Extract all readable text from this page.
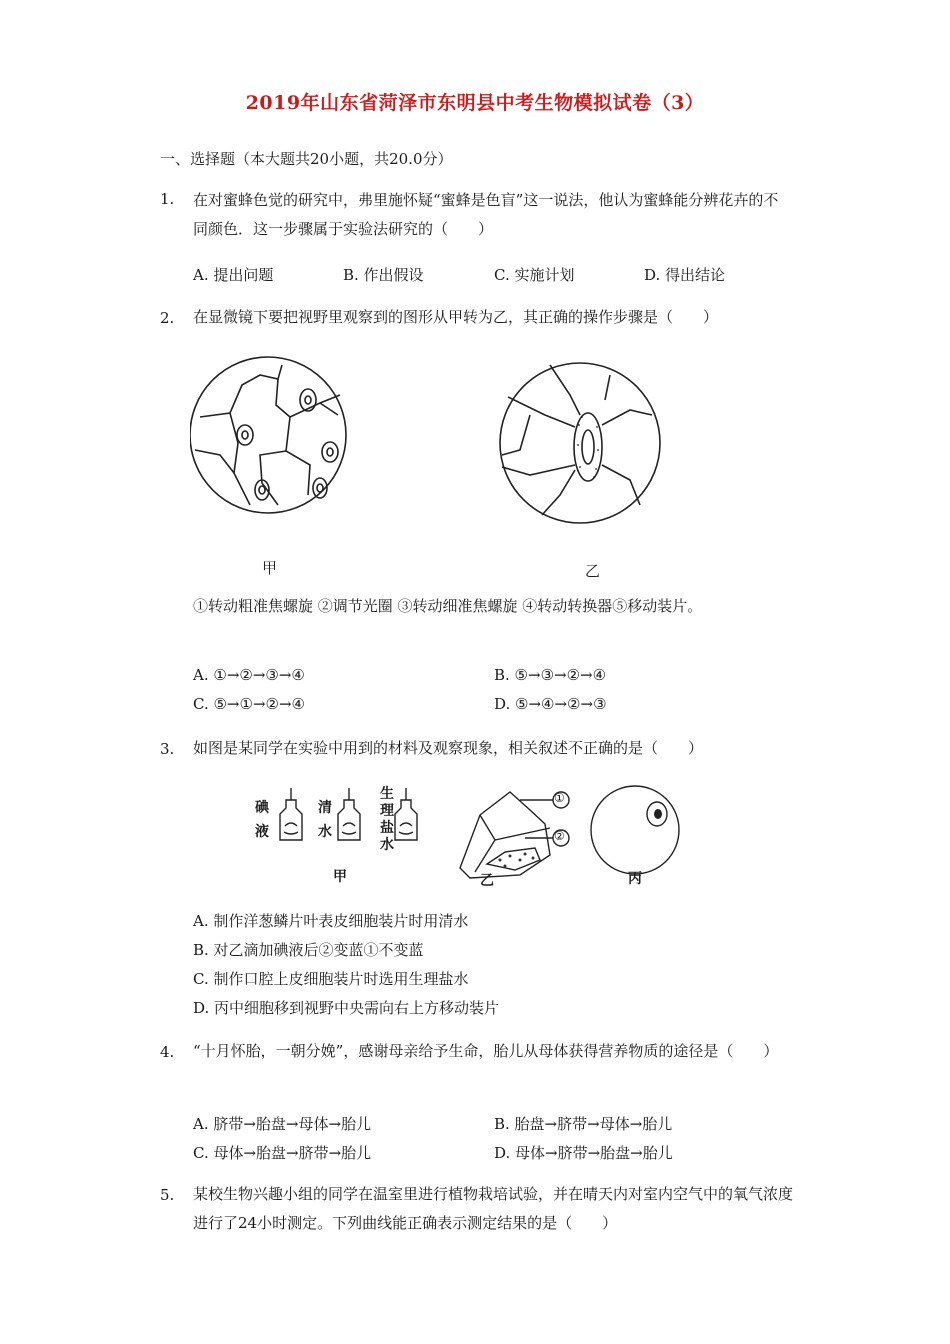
2019年山东省菏泽市东明县中考生物模拟试卷（3）
一、选择题（本大题共20小题，共20.0分）
1. 在对蜜蜂色觉的研究中，弗里施怀疑“蜜蜂是色盲”这一说法，他认为蜜蜂能分辨花卉的不同颜色．这一步骤属于实验法研究的（　　）
A. 提出问题	B. 作出假设	C. 实施计划	D. 得出结论
2. 在显微镜下要把视野里观察到的图形从甲转为乙，其正确的操作步骤是（　　）
甲	乙
①转动粗准焦螺旋 ②调节光圈 ③转动细准焦螺旋 ④转动转换器⑤移动装片。
A. ①→②→③→④	B. ⑤→③→②→④
C. ⑤→①→②→④	D. ⑤→④→②→③
3. 如图是某同学在实验中用到的材料及观察现象，相关叙述不正确的是（　　）
碘液
清水
生理盐水
①
②
甲	乙	丙
A. 制作洋葱鳞片叶表皮细胞装片时用清水
B. 对乙滴加碘液后②变蓝①不变蓝
C. 制作口腔上皮细胞装片时选用生理盐水
D. 丙中细胞移到视野中央需向右上方移动装片
4. “十月怀胎，一朝分娩”，感谢母亲给予生命，胎儿从母体获得营养物质的途径是（　　）
A. 脐带→胎盘→母体→胎儿	B. 胎盘→脐带→母体→胎儿
C. 母体→胎盘→脐带→胎儿	D. 母体→脐带→胎盘→胎儿
5. 某校生物兴趣小组的同学在温室里进行植物栽培试验，并在晴天内对室内空气中的氧气浓度进行了24小时测定。下列曲线能正确表示测定结果的是（　　）
